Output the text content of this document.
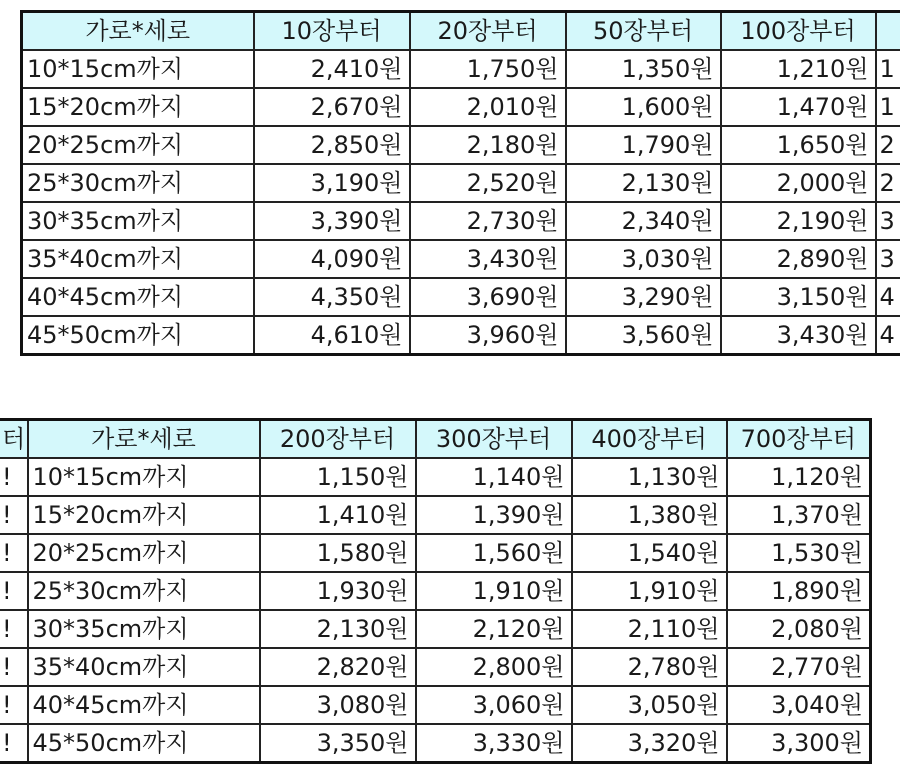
가로*세로	10장부터	20장부터	50장부터	100장부터	
10*15cm까지	2,410원	1,750원	1,350원	1,210원	1
15*20cm까지	2,670원	2,010원	1,600원	1,470원	1
20*25cm까지	2,850원	2,180원	1,790원	1,650원	2
25*30cm까지	3,190원	2,520원	2,130원	2,000원	2
30*35cm까지	3,390원	2,730원	2,340원	2,190원	3
35*40cm까지	4,090원	3,430원	3,030원	2,890원	3
40*45cm까지	4,350원	3,690원	3,290원	3,150원	4
45*50cm까지	4,610원	3,960원	3,560원	3,430원	4
터	가로*세로	200장부터	300장부터	400장부터	700장부터
!	10*15cm까지	1,150원	1,140원	1,130원	1,120원
!	15*20cm까지	1,410원	1,390원	1,380원	1,370원
!	20*25cm까지	1,580원	1,560원	1,540원	1,530원
!	25*30cm까지	1,930원	1,910원	1,910원	1,890원
!	30*35cm까지	2,130원	2,120원	2,110원	2,080원
!	35*40cm까지	2,820원	2,800원	2,780원	2,770원
!	40*45cm까지	3,080원	3,060원	3,050원	3,040원
!	45*50cm까지	3,350원	3,330원	3,320원	3,300원
